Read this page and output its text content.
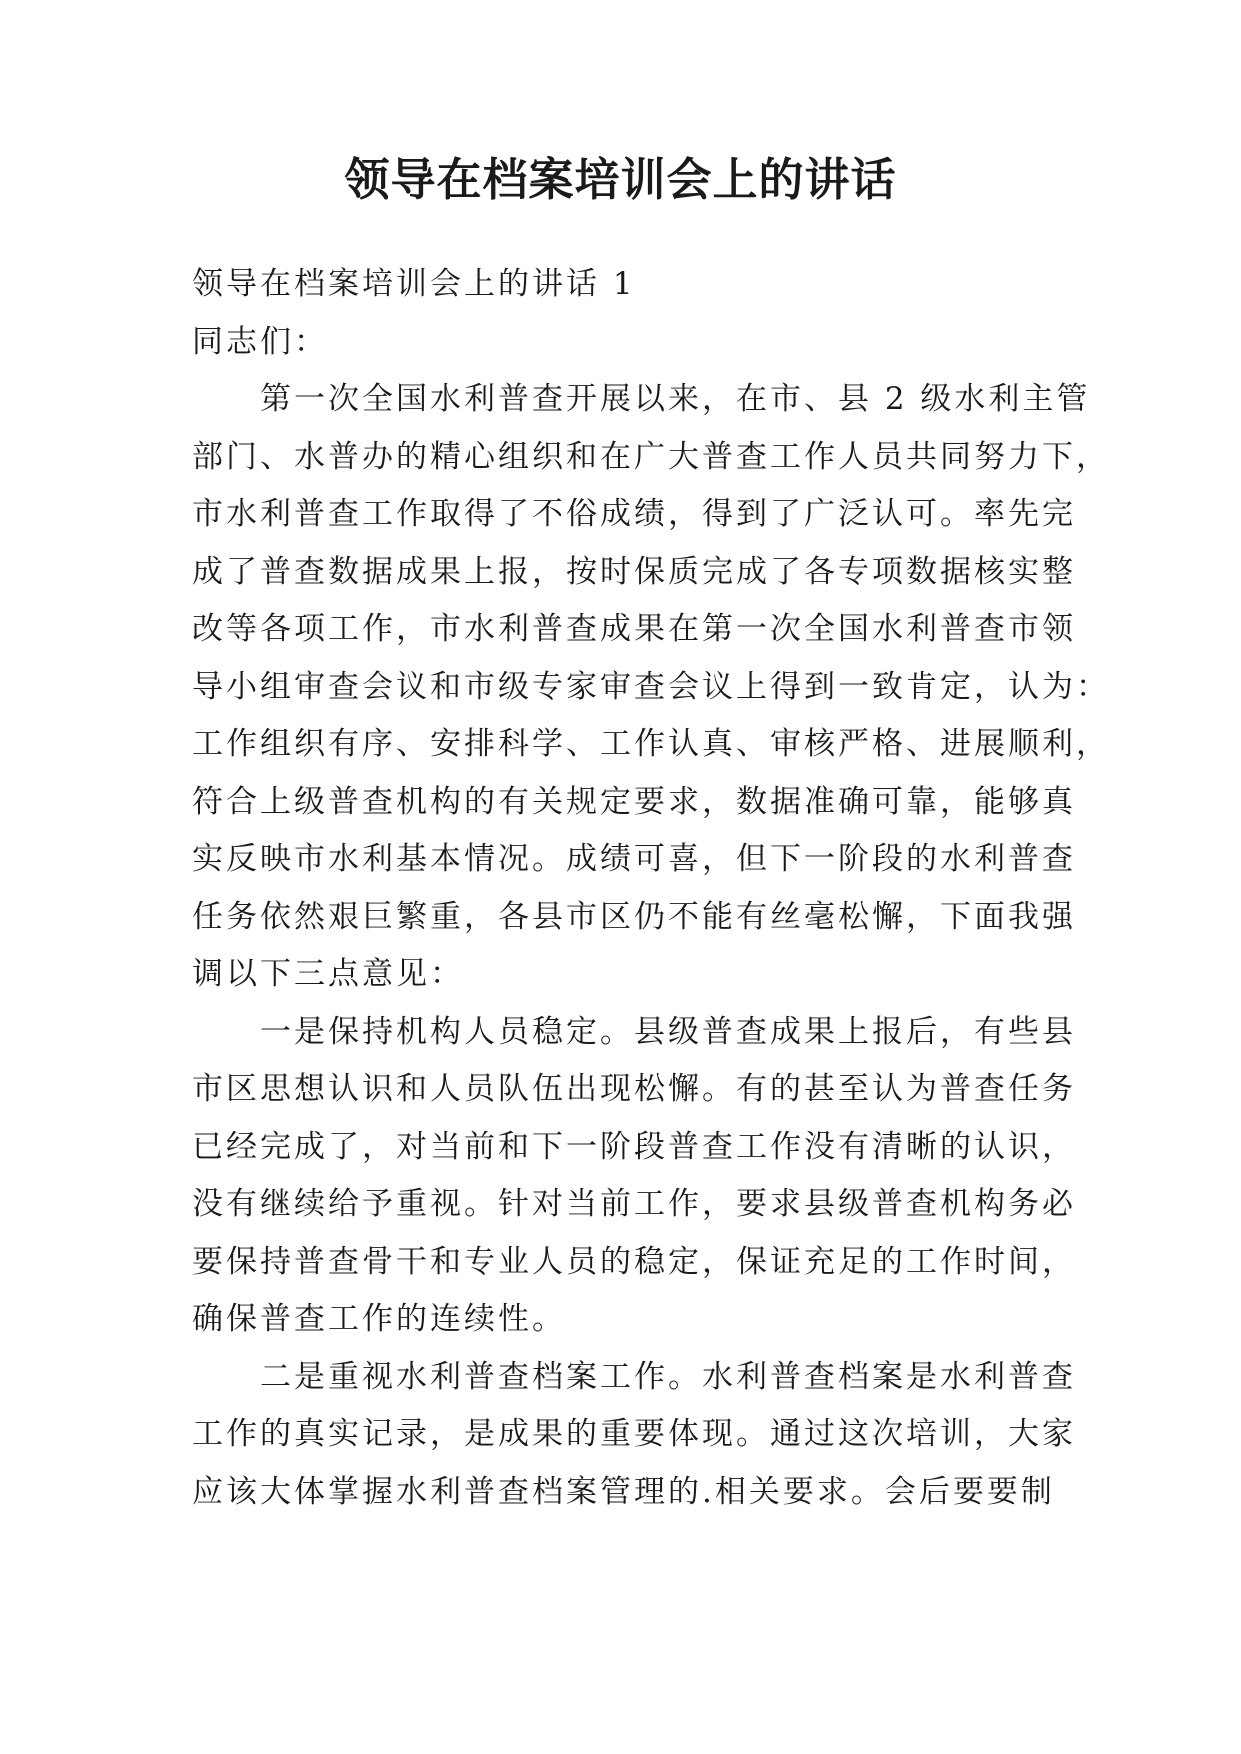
领导在档案培训会上的讲话
领导在档案培训会上的讲话 1
同志们：
第一次全国水利普查开展以来，在市、县 2 级水利主管
部门、水普办的精心组织和在广大普查工作人员共同努力下，
市水利普查工作取得了不俗成绩，得到了广泛认可。率先完
成了普查数据成果上报，按时保质完成了各专项数据核实整
改等各项工作，市水利普查成果在第一次全国水利普查市领
导小组审查会议和市级专家审查会议上得到一致肯定，认为：
工作组织有序、安排科学、工作认真、审核严格、进展顺利，
符合上级普查机构的有关规定要求，数据准确可靠，能够真
实反映市水利基本情况。成绩可喜，但下一阶段的水利普查
任务依然艰巨繁重，各县市区仍不能有丝毫松懈，下面我强
调以下三点意见：
一是保持机构人员稳定。县级普查成果上报后，有些县
市区思想认识和人员队伍出现松懈。有的甚至认为普查任务
已经完成了，对当前和下一阶段普查工作没有清晰的认识，
没有继续给予重视。针对当前工作，要求县级普查机构务必
要保持普查骨干和专业人员的稳定，保证充足的工作时间，
确保普查工作的连续性。
二是重视水利普查档案工作。水利普查档案是水利普查
工作的真实记录，是成果的重要体现。通过这次培训，大家
应该大体掌握水利普查档案管理的.相关要求。会后要要制
